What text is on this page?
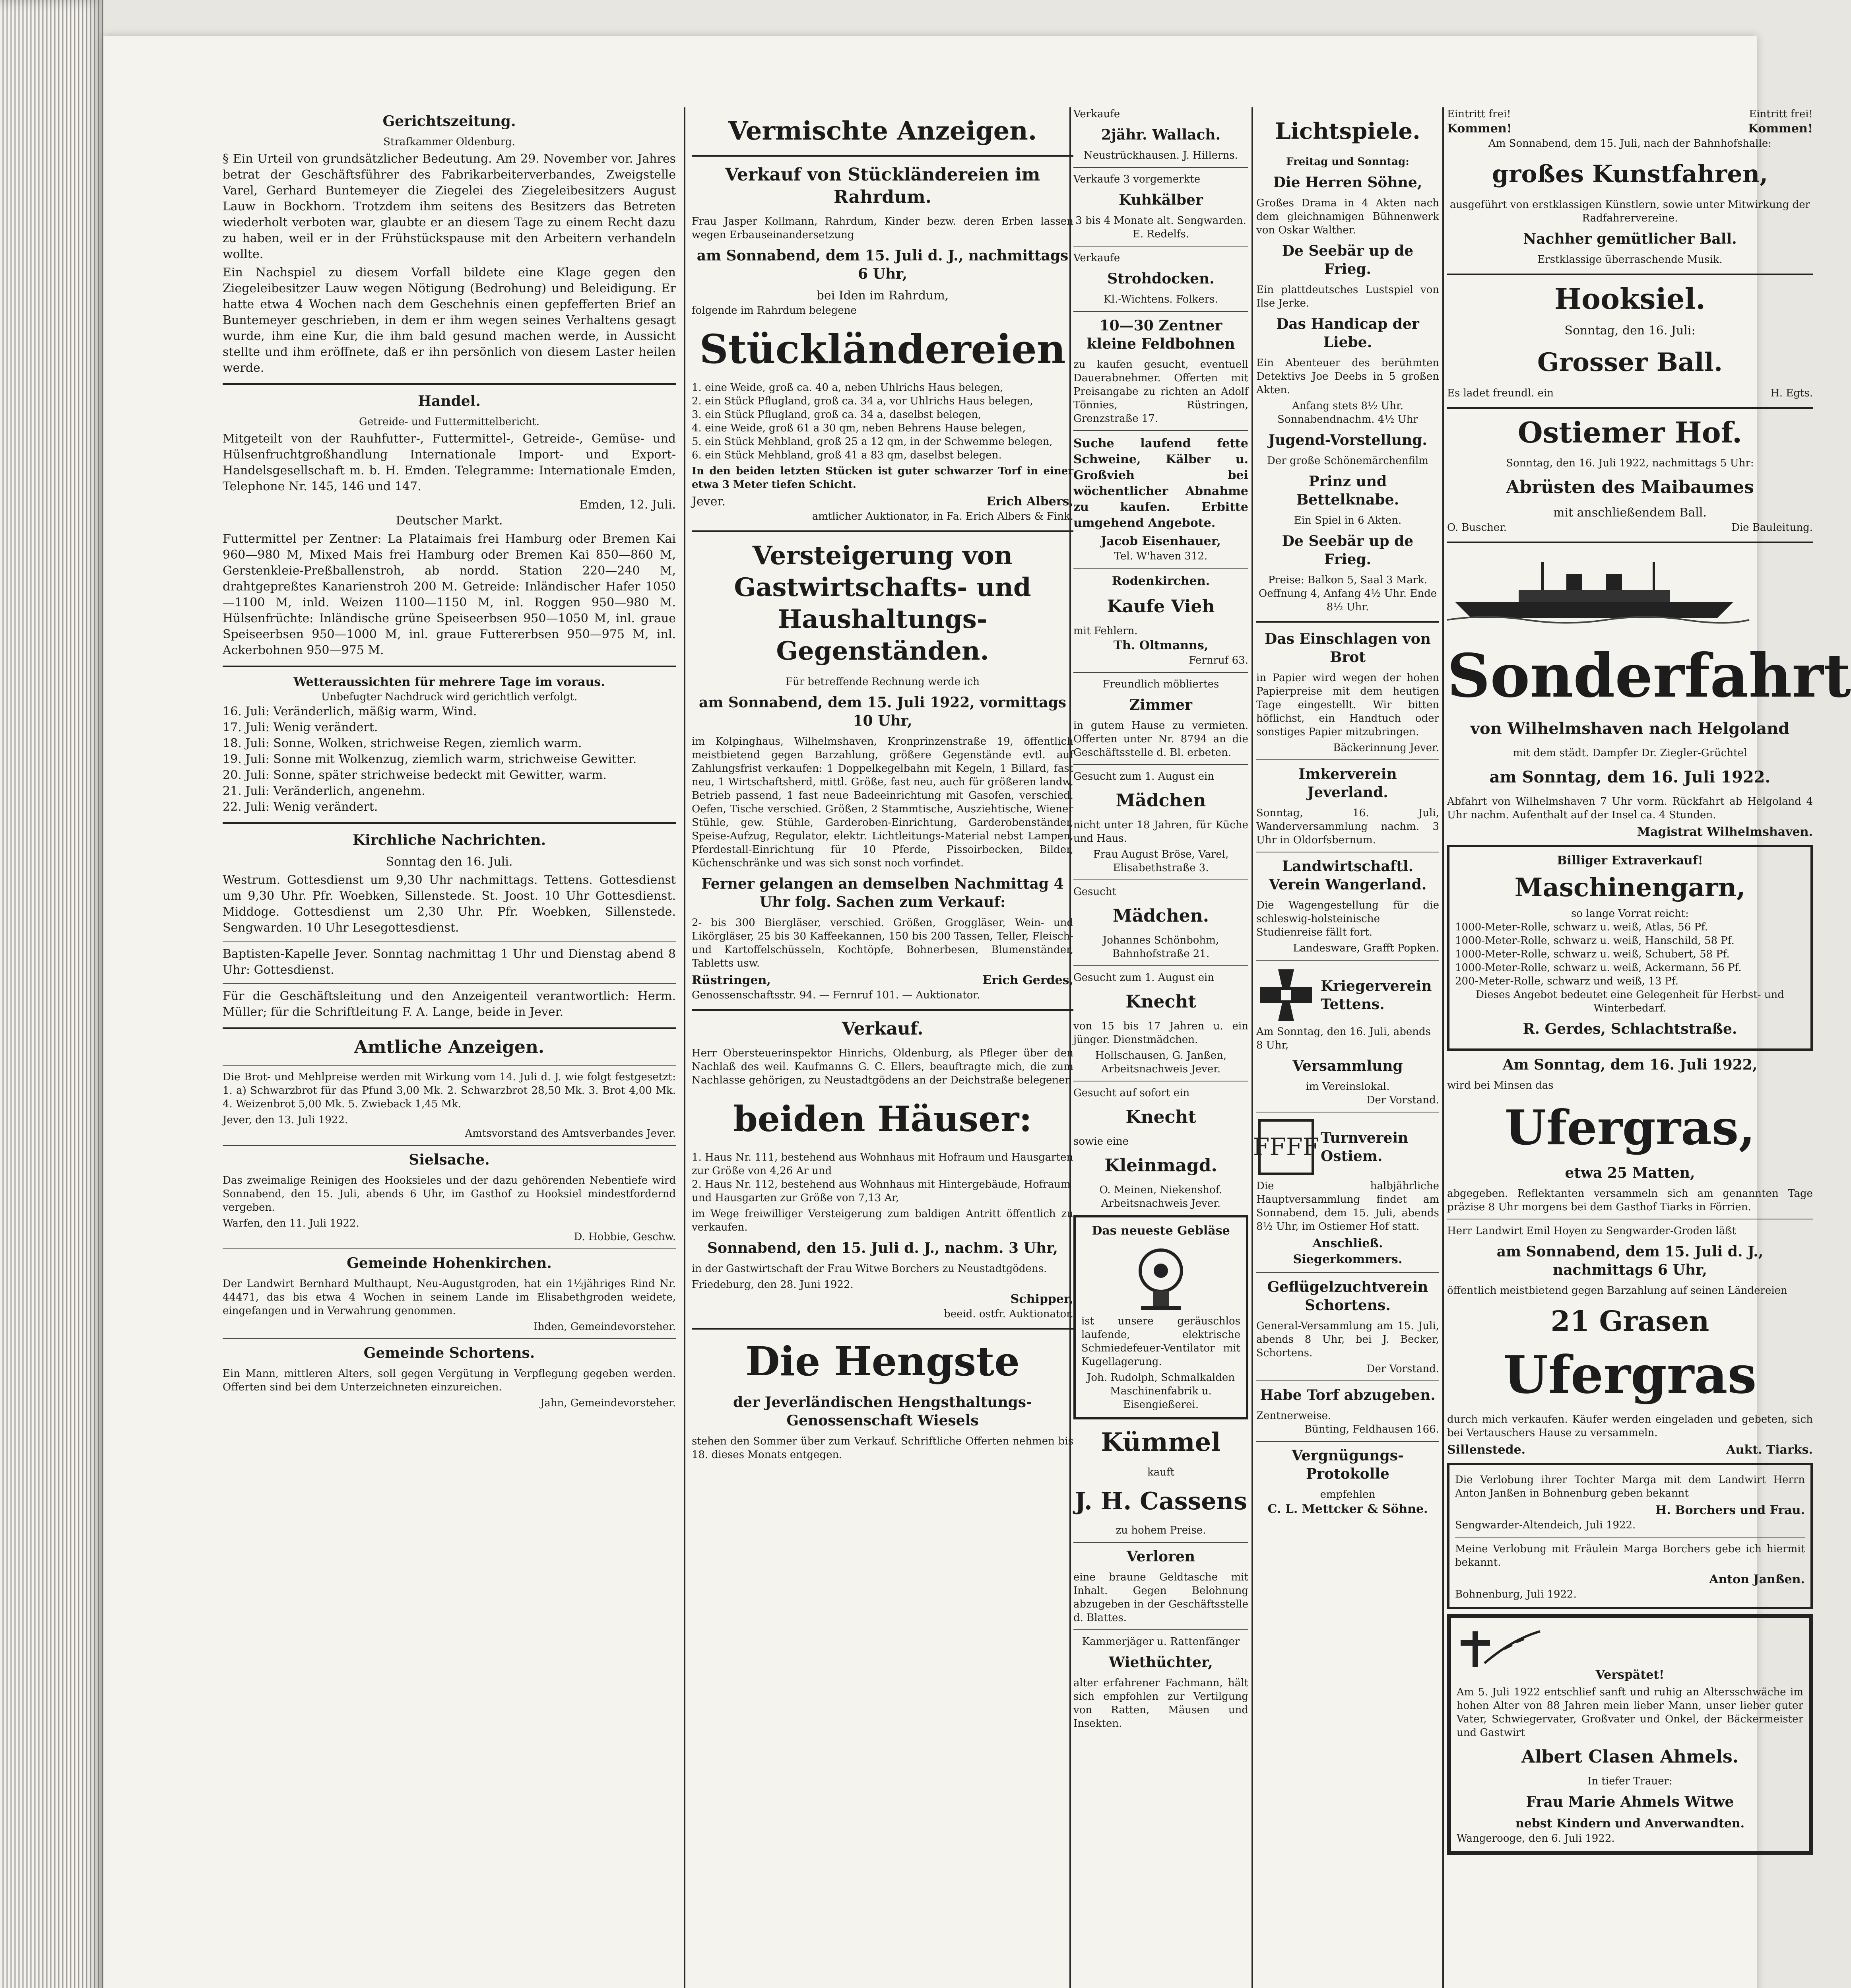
Gerichtszeitung.
Strafkammer Oldenburg.
§ Ein Urteil von grundsätzlicher Bedeutung. Am 29. November vor. Jahres betrat der Geschäftsführer des Fabrikarbeiterverbandes, Zweigstelle Varel, Gerhard Buntemeyer die Ziegelei des Ziegeleibesitzers August Lauw in Bockhorn. Trotzdem ihm seitens des Besitzers das Betreten wiederholt verboten war, glaubte er an diesem Tage zu einem Recht dazu zu haben, weil er in der Frühstückspause mit den Arbeitern verhandeln wollte.
Ein Nachspiel zu diesem Vorfall bildete eine Klage gegen den Ziegeleibesitzer Lauw wegen Nötigung (Bedrohung) und Beleidigung. Er hatte etwa 4 Wochen nach dem Geschehnis einen gepfefferten Brief an Buntemeyer geschrieben, in dem er ihm wegen seines Verhaltens gesagt wurde, ihm eine Kur, die ihm bald gesund machen werde, in Aussicht stellte und ihm eröffnete, daß er ihn persönlich von diesem Laster heilen werde.
Handel.
Getreide- und Futtermittelbericht.
Mitgeteilt von der Rauhfutter-, Futtermittel-, Getreide-, Gemüse- und Hülsenfruchtgroßhandlung Internationale Import- und Export-Handelsgesellschaft m. b. H. Emden. Telegramme: Internationale Emden, Telephone Nr. 145, 146 und 147.
Emden, 12. Juli.
Deutscher Markt.
Futtermittel per Zentner: La Plataimais frei Hamburg oder Bremen Kai 960—980 M, Mixed Mais frei Hamburg oder Bremen Kai 850—860 M, Gerstenkleie-Preßballenstroh, ab nordd. Station 220—240 M, drahtgepreßtes Kanarienstroh 200 M. Getreide: Inländischer Hafer 1050—1100 M, inld. Weizen 1100—1150 M, inl. Roggen 950—980 M. Hülsenfrüchte: Inländische grüne Speiseerbsen 950—1050 M, inl. graue Speiseerbsen 950—1000 M, inl. graue Futtererbsen 950—975 M, inl. Ackerbohnen 950—975 M.
Wetteraussichten für mehrere Tage im voraus.
Unbefugter Nachdruck wird gerichtlich verfolgt.
16. Juli: Veränderlich, mäßig warm, Wind.
17. Juli: Wenig verändert.
18. Juli: Sonne, Wolken, strichweise Regen, ziemlich warm.
19. Juli: Sonne mit Wolkenzug, ziemlich warm, strichweise Gewitter.
20. Juli: Sonne, später strichweise bedeckt mit Gewitter, warm.
21. Juli: Veränderlich, angenehm.
22. Juli: Wenig verändert.
Kirchliche Nachrichten.
Sonntag den 16. Juli.
Westrum. Gottesdienst um 9,30 Uhr nachmittags. Tettens. Gottesdienst um 9,30 Uhr. Pfr. Woebken, Sillenstede. St. Joost. 10 Uhr Gottesdienst. Middoge. Gottesdienst um 2,30 Uhr. Pfr. Woebken, Sillenstede. Sengwarden. 10 Uhr Lesegottesdienst.
Baptisten-Kapelle Jever. Sonntag nachmittag 1 Uhr und Dienstag abend 8 Uhr: Gottesdienst.
Für die Geschäftsleitung und den Anzeigenteil verantwortlich: Herm. Müller; für die Schriftleitung F. A. Lange, beide in Jever.
Amtliche Anzeigen.
Die Brot- und Mehlpreise werden mit Wirkung vom 14. Juli d. J. wie folgt festgesetzt: 1. a) Schwarzbrot für das Pfund 3,00 Mk. 2. Schwarzbrot 28,50 Mk. 3. Brot 4,00 Mk. 4. Weizenbrot 5,00 Mk. 5. Zwieback 1,45 Mk.
Jever, den 13. Juli 1922.
Amtsvorstand des Amtsverbandes Jever.
Sielsache.
Das zweimalige Reinigen des Hooksieles und der dazu gehörenden Nebentiefe wird Sonnabend, den 15. Juli, abends 6 Uhr, im Gasthof zu Hooksiel mindestfordernd vergeben.
Warfen, den 11. Juli 1922.
D. Hobbie, Geschw.
Gemeinde Hohenkirchen.
Der Landwirt Bernhard Multhaupt, Neu-Augustgroden, hat ein 1½jähriges Rind Nr. 44471, das bis etwa 4 Wochen in seinem Lande im Elisabethgroden weidete, eingefangen und in Verwahrung genommen.
Ihden, Gemeindevorsteher.
Gemeinde Schortens.
Ein Mann, mittleren Alters, soll gegen Vergütung in Verpflegung gegeben werden. Offerten sind bei dem Unterzeichneten einzureichen.
Jahn, Gemeindevorsteher.
Vermischte Anzeigen.
Verkauf von Stückländereien im Rahrdum.
Frau Jasper Kollmann, Rahrdum, Kinder bezw. deren Erben lassen wegen Erbauseinandersetzung
am Sonnabend, dem 15. Juli d. J., nachmittags 6 Uhr,
bei Iden im Rahrdum,
folgende im Rahrdum belegene
Stückländereien
1. eine Weide, groß ca. 40 a, neben Uhlrichs Haus belegen,
2. ein Stück Pflugland, groß ca. 34 a, vor Uhlrichs Haus belegen,
3. ein Stück Pflugland, groß ca. 34 a, daselbst belegen,
4. eine Weide, groß 61 a 30 qm, neben Behrens Hause belegen,
5. ein Stück Mehbland, groß 25 a 12 qm, in der Schwemme belegen,
6. ein Stück Mehbland, groß 41 a 83 qm, daselbst belegen.
In den beiden letzten Stücken ist guter schwarzer Torf in einer etwa 3 Meter tiefen Schicht.
Jever.	Erich Albers,
amtlicher Auktionator, in Fa. Erich Albers & Fink.
Versteigerung von Gastwirtschafts- und Haushaltungs-Gegenständen.
Für betreffende Rechnung werde ich
am Sonnabend, dem 15. Juli 1922, vormittags 10 Uhr,
im Kolpinghaus, Wilhelmshaven, Kronprinzenstraße 19, öffentlich meistbietend gegen Barzahlung, größere Gegenstände evtl. auf Zahlungsfrist verkaufen: 1 Doppelkegelbahn mit Kegeln, 1 Billard, fast neu, 1 Wirtschaftsherd, mittl. Größe, fast neu, auch für größeren landw. Betrieb passend, 1 fast neue Badeeinrichtung mit Gasofen, verschied. Oefen, Tische verschied. Größen, 2 Stammtische, Ausziehtische, Wiener Stühle, gew. Stühle, Garderoben-Einrichtung, Garderobenständer, Speise-Aufzug, Regulator, elektr. Lichtleitungs-Material nebst Lampen, Pferdestall-Einrichtung für 10 Pferde, Pissoirbecken, Bilder, Küchenschränke und was sich sonst noch vorfindet.
Ferner gelangen an demselben Nachmittag 4 Uhr folg. Sachen zum Verkauf:
2- bis 300 Biergläser, verschied. Größen, Groggläser, Wein- und Likörgläser, 25 bis 30 Kaffeekannen, 150 bis 200 Tassen, Teller, Fleisch- und Kartoffelschüsseln, Kochtöpfe, Bohnerbesen, Blumenständer, Tabletts usw.
Rüstringen,	Erich Gerdes,
Genossenschaftsstr. 94. — Fernruf 101. — Auktionator.
Verkauf.
Herr Obersteuerinspektor Hinrichs, Oldenburg, als Pfleger über den Nachlaß des weil. Kaufmanns G. C. Ellers, beauftragte mich, die zum Nachlasse gehörigen, zu Neustadtgödens an der Deichstraße belegenen
beiden Häuser:
1. Haus Nr. 111, bestehend aus Wohnhaus mit Hofraum und Hausgarten zur Größe von 4,26 Ar und
2. Haus Nr. 112, bestehend aus Wohnhaus mit Hintergebäude, Hofraum und Hausgarten zur Größe von 7,13 Ar,
im Wege freiwilliger Versteigerung zum baldigen Antritt öffentlich zu verkaufen.
Sonnabend, den 15. Juli d. J., nachm. 3 Uhr,
in der Gastwirtschaft der Frau Witwe Borchers zu Neustadtgödens.
Friedeburg, den 28. Juni 1922.
Schipper,
beeid. ostfr. Auktionator.
Die Hengste
der Jeverländischen Hengsthaltungs-Genossenschaft Wiesels
stehen den Sommer über zum Verkauf. Schriftliche Offerten nehmen bis 18. dieses Monats entgegen.
Verkaufe
2jähr. Wallach.
Neustrückhausen. J. Hillerns.
Verkaufe 3 vorgemerkte
Kuhkälber
3 bis 4 Monate alt. Sengwarden. E. Redelfs.
Verkaufe
Strohdocken.
Kl.-Wichtens. Folkers.
10—30 Zentner kleine Feldbohnen
zu kaufen gesucht, eventuell Dauerabnehmer. Offerten mit Preisangabe zu richten an Adolf Tönnies, Rüstringen, Grenzstraße 17.
Suche laufend fette Schweine, Kälber u. Großvieh bei wöchentlicher Abnahme zu kaufen. Erbitte umgehend Angebote.
Jacob Eisenhauer,
Tel. W'haven 312.
Rodenkirchen.
Kaufe Vieh
mit Fehlern.
Th. Oltmanns,
Fernruf 63.
Freundlich möbliertes
Zimmer
in gutem Hause zu vermieten. Offerten unter Nr. 8794 an die Geschäftsstelle d. Bl. erbeten.
Gesucht zum 1. August ein
Mädchen
nicht unter 18 Jahren, für Küche und Haus.
Frau August Bröse, Varel, Elisabethstraße 3.
Gesucht
Mädchen.
Johannes Schönbohm, Bahnhofstraße 21.
Gesucht zum 1. August ein
Knecht
von 15 bis 17 Jahren u. ein jünger. Dienstmädchen.
Hollschausen, G. Janßen, Arbeitsnachweis Jever.
Gesucht auf sofort ein
Knecht
sowie eine
Kleinmagd.
O. Meinen, Niekenshof. Arbeitsnachweis Jever.
Das neueste Gebläse
ist unsere geräuschlos laufende, elektrische Schmiedefeuer-Ventilator mit Kugellagerung.
Joh. Rudolph, Schmalkalden Maschinenfabrik u. Eisengießerei.
Kümmel
kauft
J. H. Cassens
zu hohem Preise.
Verloren
eine braune Geldtasche mit Inhalt. Gegen Belohnung abzugeben in der Geschäftsstelle d. Blattes.
Kammerjäger u. Rattenfänger
Wiethüchter,
alter erfahrener Fachmann, hält sich empfohlen zur Vertilgung von Ratten, Mäusen und Insekten.
Lichtspiele.
Freitag und Sonntag:
Die Herren Söhne,
Großes Drama in 4 Akten nach dem gleichnamigen Bühnenwerk von Oskar Walther.
De Seebär up de Frieg.
Ein plattdeutsches Lustspiel von Ilse Jerke.
Das Handicap der Liebe.
Ein Abenteuer des berühmten Detektivs Joe Deebs in 5 großen Akten.
Anfang stets 8½ Uhr.
Sonnabendnachm. 4½ Uhr
Jugend-Vorstellung.
Der große Schönemärchenfilm
Prinz und Bettelknabe.
Ein Spiel in 6 Akten.
De Seebär up de Frieg.
Preise: Balkon 5, Saal 3 Mark. Oeffnung 4, Anfang 4½ Uhr. Ende 8½ Uhr.
Das Einschlagen von Brot
in Papier wird wegen der hohen Papierpreise mit dem heutigen Tage eingestellt. Wir bitten höflichst, ein Handtuch oder sonstiges Papier mitzubringen.
Bäckerinnung Jever.
Imkerverein Jeverland.
Sonntag, 16. Juli, Wanderversammlung nachm. 3 Uhr in Oldorfsbernum.
Landwirtschaftl. Verein Wangerland.
Die Wagengestellung für die schleswig-holsteinische Studienreise fällt fort.
Landesware, Grafft Popken.
Kriegerverein Tettens.
Am Sonntag, den 16. Juli, abends 8 Uhr,
Versammlung
im Vereinslokal.
Der Vorstand.
FFFF Turnverein Ostiem.
Die halbjährliche Hauptversammlung findet am Sonnabend, dem 15. Juli, abends 8½ Uhr, im Ostiemer Hof statt.
Anschließ. Siegerkommers.
Geflügelzuchtverein Schortens.
General-Versammlung am 15. Juli, abends 8 Uhr, bei J. Becker, Schortens.
Der Vorstand.
Habe Torf abzugeben.
Zentnerweise.
Bünting, Feldhausen 166.
Vergnügungs-Protokolle
empfehlen
C. L. Mettcker & Söhne.
Eintritt frei!
Kommen!
Eintritt frei!
Kommen!
Am Sonnabend, dem 15. Juli, nach der Bahnhofshalle:
großes Kunstfahren,
ausgeführt von erstklassigen Künstlern, sowie unter Mitwirkung der Radfahrervereine.
Nachher gemütlicher Ball.
Erstklassige überraschende Musik.
Hooksiel.
Sonntag, den 16. Juli:
Grosser Ball.
Es ladet freundl. ein	H. Egts.
Ostiemer Hof.
Sonntag, den 16. Juli 1922, nachmittags 5 Uhr:
Abrüsten des Maibaumes
mit anschließendem Ball.
O. Buscher.	Die Bauleitung.
Sonderfahrt
von Wilhelmshaven nach Helgoland
mit dem städt. Dampfer Dr. Ziegler-Grüchtel
am Sonntag, dem 16. Juli 1922.
Abfahrt von Wilhelmshaven 7 Uhr vorm. Rückfahrt ab Helgoland 4 Uhr nachm. Aufenthalt auf der Insel ca. 4 Stunden.
Magistrat Wilhelmshaven.
Billiger Extraverkauf!
Maschinengarn,
so lange Vorrat reicht:
1000-Meter-Rolle, schwarz u. weiß, Atlas, 56 Pf.
1000-Meter-Rolle, schwarz u. weiß, Hanschild, 58 Pf.
1000-Meter-Rolle, schwarz u. weiß, Schubert, 58 Pf.
1000-Meter-Rolle, schwarz u. weiß, Ackermann, 56 Pf.
200-Meter-Rolle, schwarz und weiß, 13 Pf.
Dieses Angebot bedeutet eine Gelegenheit für Herbst- und Winterbedarf.
R. Gerdes, Schlachtstraße.
Am Sonntag, dem 16. Juli 1922,
wird bei Minsen das
Ufergras,
etwa 25 Matten,
abgegeben. Reflektanten versammeln sich am genannten Tage präzise 8 Uhr morgens bei dem Gasthof Tiarks in Förrien.
Herr Landwirt Emil Hoyen zu Sengwarder-Groden läßt
am Sonnabend, dem 15. Juli d. J., nachmittags 6 Uhr,
öffentlich meistbietend gegen Barzahlung auf seinen Ländereien
21 Grasen
Ufergras
durch mich verkaufen. Käufer werden eingeladen und gebeten, sich bei Vertauschers Hause zu versammeln.
Sillenstede.	Aukt. Tiarks.
Die Verlobung ihrer Tochter Marga mit dem Landwirt Herrn Anton Janßen in Bohnenburg geben bekannt
H. Borchers und Frau.
Sengwarder-Altendeich, Juli 1922.
Meine Verlobung mit Fräulein Marga Borchers gebe ich hiermit bekannt.
Anton Janßen.
Bohnenburg, Juli 1922.
Verspätet!
Am 5. Juli 1922 entschlief sanft und ruhig an Altersschwäche im hohen Alter von 88 Jahren mein lieber Mann, unser lieber guter Vater, Schwiegervater, Großvater und Onkel, der Bäckermeister und Gastwirt
Albert Clasen Ahmels.
In tiefer Trauer:
Frau Marie Ahmels Witwe
nebst Kindern und Anverwandten.
Wangerooge, den 6. Juli 1922.
